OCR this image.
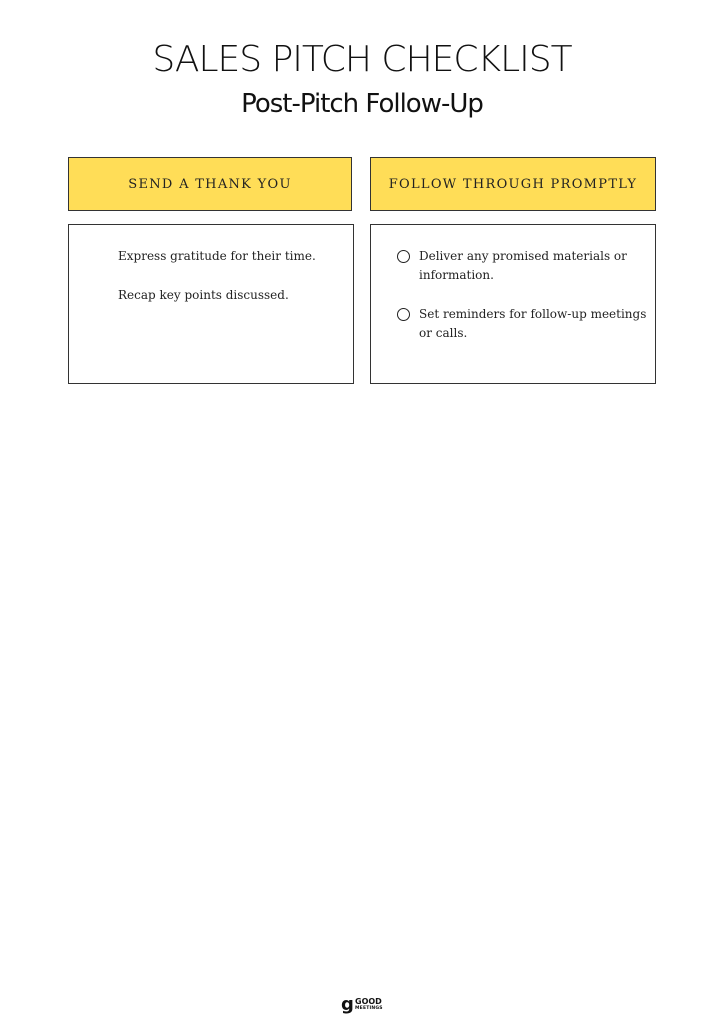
SALES PITCH CHECKLIST
Post-Pitch Follow-Up
SEND A THANK YOU	FOLLOW THROUGH PROMPTLY
Express gratitude for their time.
Recap key points discussed.
Deliver any promised materials or
information.
Set reminders for follow-up meetings
or calls.
g GOOD
MEETINGS
